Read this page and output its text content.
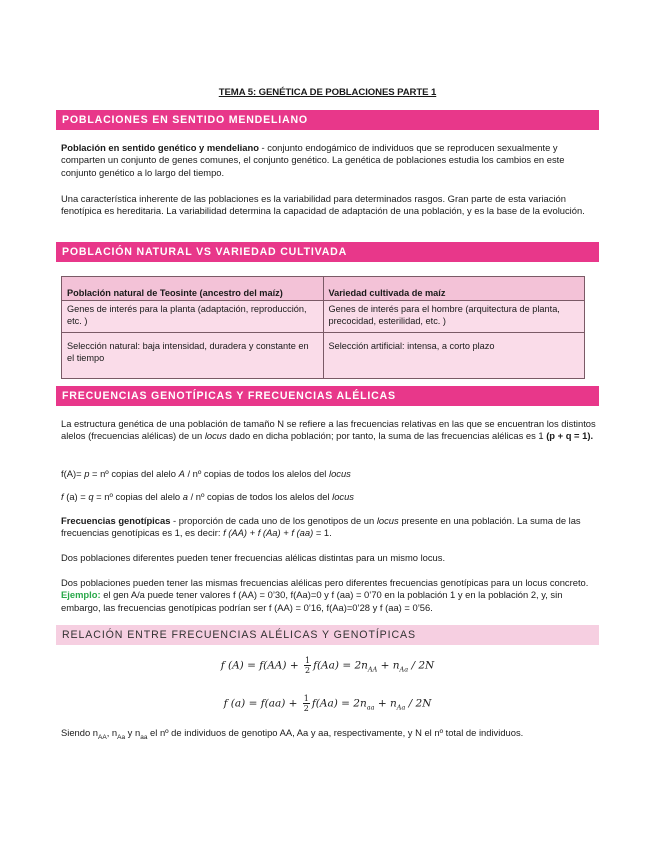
TEMA 5: GENÉTICA DE POBLACIONES PARTE 1
POBLACIONES EN SENTIDO MENDELIANO

Población en sentido genético y mendeliano - conjunto endogámico de individuos que se reproducen sexualmente y comparten un conjunto de genes comunes, el conjunto genético. La genética de poblaciones estudia los cambios en este conjunto genético a lo largo del tiempo.

Una característica inherente de las poblaciones es la variabilidad para determinados rasgos. Gran parte de esta variación fenotípica es hereditaria. La variabilidad determina la capacidad de adaptación de una población, y es la base de la evolución.

POBLACIÓN NATURAL VS VARIEDAD CULTIVADA
Población natural de Teosinte (ancestro del maíz)	Variedad cultivada de maíz
Genes de interés para la planta (adaptación, reproducción, etc. )	Genes de interés para el hombre (arquitectura de planta, precocidad, esterilidad, etc. )
Selección natural: baja intensidad, duradera y constante en el tiempo	Selección artificial: intensa, a corto plazo
FRECUENCIAS GENOTÍPICAS Y FRECUENCIAS ALÉLICAS

La estructura genética de una población de tamaño N se refiere a las frecuencias relativas en las que se encuentran los distintos alelos (frecuencias alélicas) de un locus dado en dicha población; por tanto, la suma de las frecuencias alélicas es 1 (p + q = 1).

f(A)= p = nº copias del alelo A / nº copias de todos los alelos del locus

f (a) = q = nº copias del alelo a / nº copias de todos los alelos del locus

Frecuencias genotípicas - proporción de cada uno de los genotipos de un locus presente en una población. La suma de las frecuencias genotípicas es 1, es decir: f (AA) + f (Aa) + f (aa) = 1.

Dos poblaciones diferentes pueden tener frecuencias alélicas distintas para un mismo locus.

Dos poblaciones pueden tener las mismas frecuencias alélicas pero diferentes frecuencias genotípicas para un locus concreto. Ejemplo: el gen A/a puede tener valores f (AA) = 0’30, f(Aa)=0 y f (aa) = 0’70 en la población 1 y en la población 2, y, sin embargo, las frecuencias genotípicas podrían ser f (AA) = 0’16, f(Aa)=0’28 y f (aa) = 0’56.

RELACIÓN ENTRE FRECUENCIAS ALÉLICAS Y GENOTÍPICAS
f $(A) = f(AA) + \frac{1}{2} f(Aa) = 2n_{AA} + n_{Aa} / 2N$
f $(a) = f(aa) + \frac{1}{2} f(Aa) = 2n_{aa} + n_{Aa} / 2N$

Siendo $n_{AA}$, $n_{Aa}$ y $n_{aa}$ el nº de individuos de genotipo AA, Aa y aa, respectivamente, y N el nº total de individuos.
